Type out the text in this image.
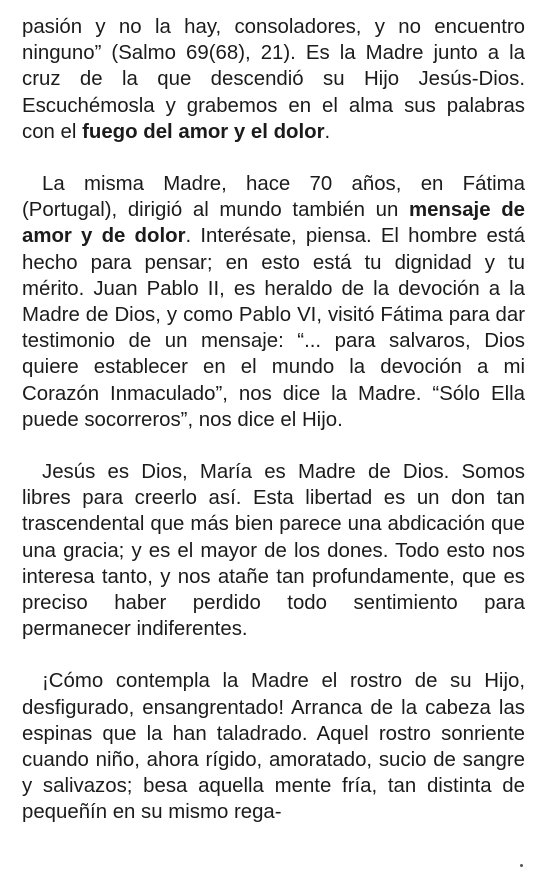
pasión y no la hay, consoladores, y no encuentro ninguno” (Salmo 69(68), 21). Es la Madre junto a la cruz de la que descendió su Hijo Jesús-Dios. Escuchémosla y grabemos en el alma sus palabras con el fuego del amor y el dolor.

La misma Madre, hace 70 años, en Fátima (Portugal), dirigió al mundo también un mensaje de amor y de dolor. Interésate, piensa. El hombre está hecho para pensar; en esto está tu dignidad y tu mérito. Juan Pablo II, es heraldo de la devoción a la Madre de Dios, y como Pablo VI, visitó Fátima para dar testimonio de un mensaje: “... para salvaros, Dios quiere establecer en el mundo la devoción a mi Corazón Inmaculado”, nos dice la Madre. “Sólo Ella puede socorreros”, nos dice el Hijo.

Jesús es Dios, María es Madre de Dios. Somos libres para creerlo así. Esta libertad es un don tan trascendental que más bien parece una abdicación que una gracia; y es el mayor de los dones. Todo esto nos interesa tanto, y nos atañe tan profundamente, que es preciso haber perdido todo sentimiento para permanecer indiferentes.

¡Cómo contempla la Madre el rostro de su Hijo, desfigurado, ensangrentado! Arranca de la cabeza las espinas que la han taladrado. Aquel rostro sonriente cuando niño, ahora rígido, amoratado, sucio de sangre y salivazos; besa aquella mente fría, tan distinta de pequeñín en su mismo rega-
